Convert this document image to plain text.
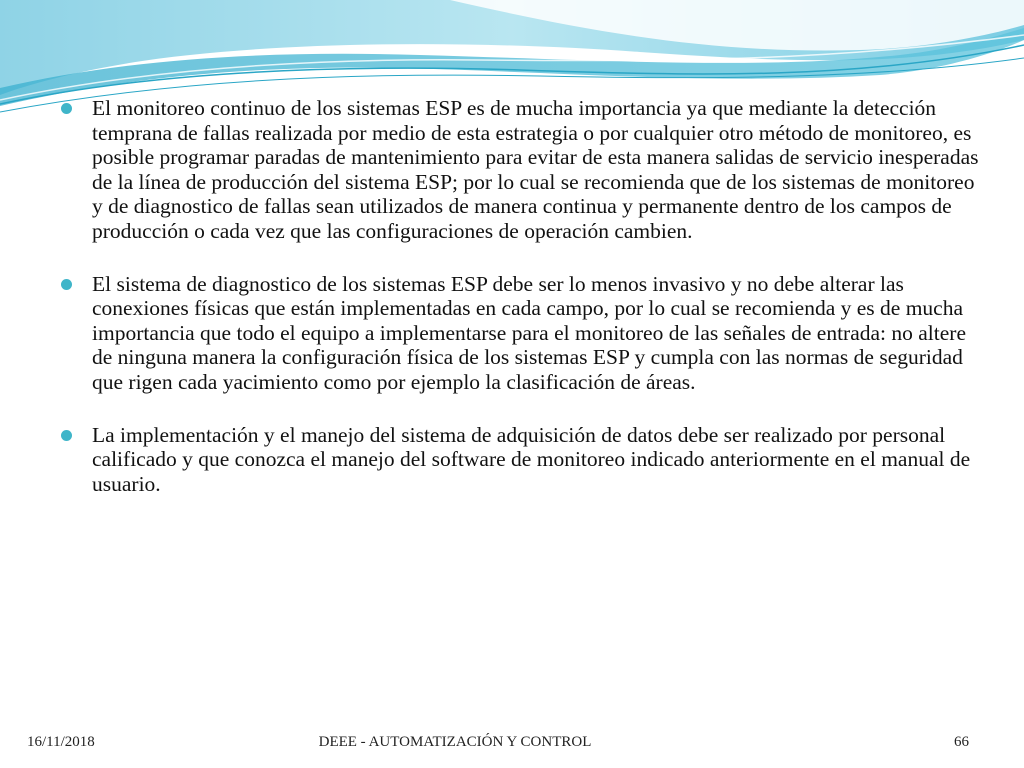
El monitoreo continuo de los sistemas ESP es de mucha importancia ya que mediante la detección temprana de fallas realizada por medio de esta estrategia o por cualquier otro método de monitoreo, es posible programar paradas de mantenimiento para evitar de esta manera salidas de servicio inesperadas de la línea de producción del sistema ESP; por lo cual se recomienda que de los sistemas de monitoreo y de diagnostico de fallas sean utilizados de manera continua y permanente dentro de los campos de producción o cada vez que las configuraciones de operación cambien.
El sistema de diagnostico de los sistemas ESP debe ser lo menos invasivo y no debe alterar las conexiones físicas que están implementadas en cada campo, por lo cual se recomienda y es de mucha importancia que todo el equipo a implementarse para el monitoreo de las señales de entrada: no altere de ninguna manera la configuración física de los sistemas ESP y cumpla con las normas de seguridad que rigen cada yacimiento como por ejemplo la clasificación de áreas.
La implementación y el manejo del sistema de adquisición de datos debe ser realizado por personal calificado y que conozca el manejo del software de monitoreo indicado anteriormente en el manual de usuario.
16/11/2018	DEEE - AUTOMATIZACIÓN Y CONTROL	66
